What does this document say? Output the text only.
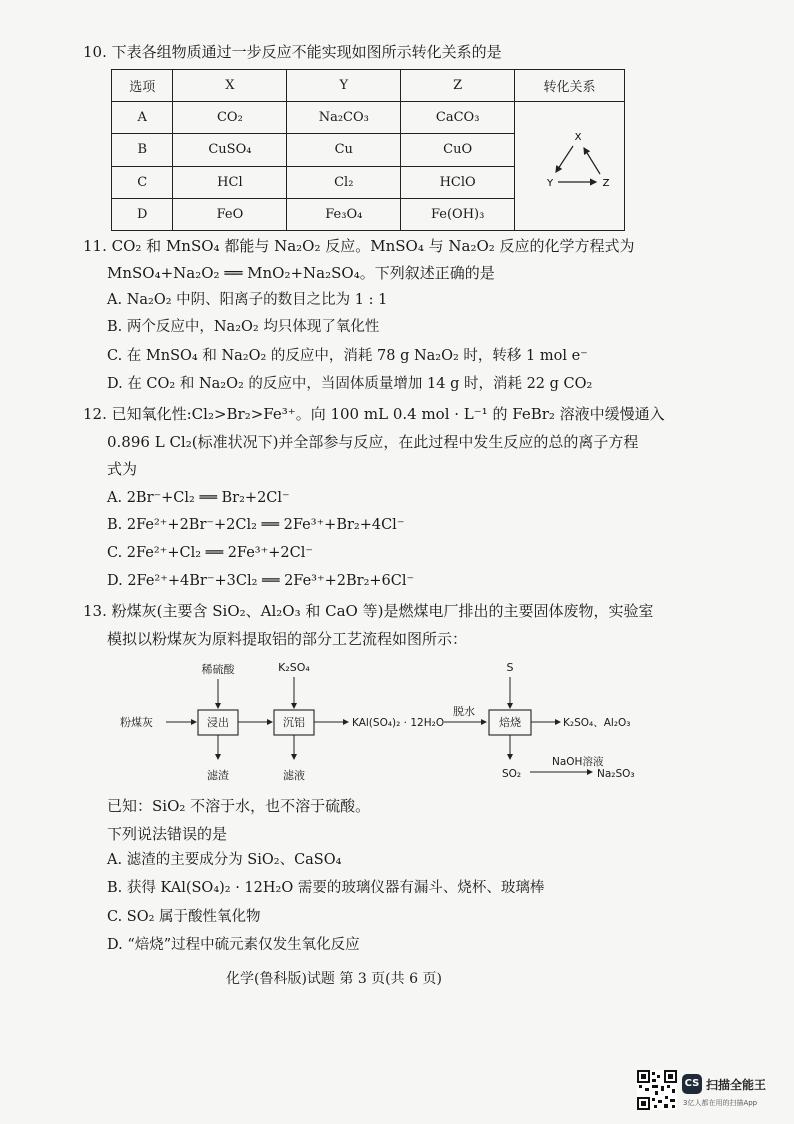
10. 下表各组物质通过一步反应不能实现如图所示转化关系的是
选项	X	Y	Z	转化关系
A	CO₂	Na₂CO₃	CaCO₃	X
Y Z

B	CuSO₄	Cu	CuO	
C	HCl	Cl₂	HClO	
D	FeO	Fe₃O₄	Fe(OH)₃	
11. CO₂ 和 MnSO₄ 都能与 Na₂O₂ 反应。MnSO₄ 与 Na₂O₂ 反应的化学方程式为
MnSO₄+Na₂O₂ ══ MnO₂+Na₂SO₄。下列叙述正确的是
A. Na₂O₂ 中阴、阳离子的数目之比为 1 : 1
B. 两个反应中，Na₂O₂ 均只体现了氧化性
C. 在 MnSO₄ 和 Na₂O₂ 的反应中，消耗 78 g Na₂O₂ 时，转移 1 mol e⁻
D. 在 CO₂ 和 Na₂O₂ 的反应中，当固体质量增加 14 g 时，消耗 22 g CO₂
12. 已知氧化性:Cl₂>Br₂>Fe³⁺。向 100 mL 0.4 mol · L⁻¹ 的 FeBr₂ 溶液中缓慢通入
0.896 L Cl₂(标准状况下)并全部参与反应，在此过程中发生反应的总的离子方程
式为
A. 2Br⁻+Cl₂ ══ Br₂+2Cl⁻
B. 2Fe²⁺+2Br⁻+2Cl₂ ══ 2Fe³⁺+Br₂+4Cl⁻
C. 2Fe²⁺+Cl₂ ══ 2Fe³⁺+2Cl⁻
D. 2Fe²⁺+4Br⁻+3Cl₂ ══ 2Fe³⁺+2Br₂+6Cl⁻
13. 粉煤灰(主要含 SiO₂、Al₂O₃ 和 CaO 等)是燃煤电厂排出的主要固体废物，实验室
模拟以粉煤灰为原料提取铝的部分工艺流程如图所示：
粉煤灰	浸出
稀硫酸
滤渣
沉铝
K₂SO₄
滤液
KAl(SO₄)₂ · 12H₂O
脱水
焙烧
S
K₂SO₄、Al₂O₃
SO₂
NaOH溶液
Na₂SO₃
已知：SiO₂ 不溶于水，也不溶于硫酸。
下列说法错误的是
A. 滤渣的主要成分为 SiO₂、CaSO₄
B. 获得 KAl(SO₄)₂ · 12H₂O 需要的玻璃仪器有漏斗、烧杯、玻璃棒
C. SO₂ 属于酸性氧化物
D. “焙烧”过程中硫元素仅发生氧化反应
化学(鲁科版)试题 第 3 页(共 6 页)
CS 扫描全能王
3亿人都在用的扫描App
